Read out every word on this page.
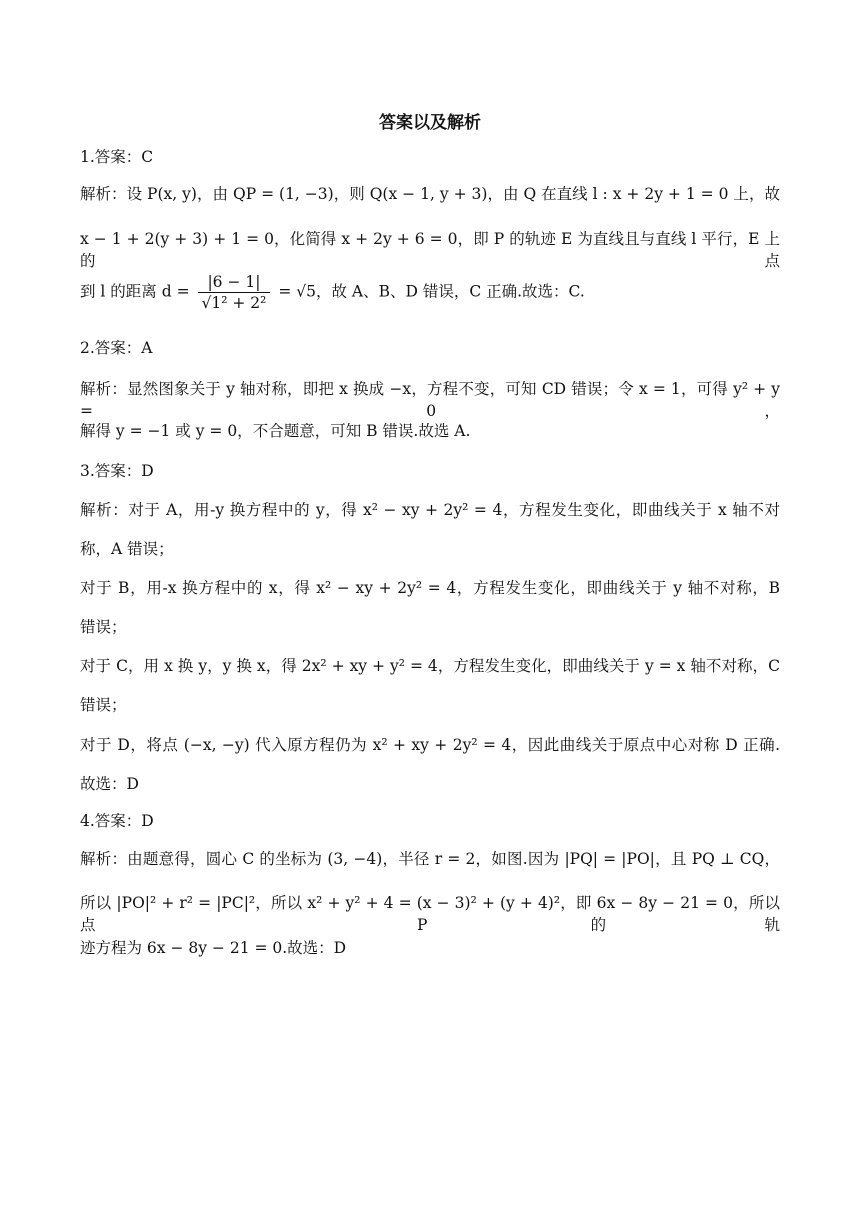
答案以及解析
1.答案：C
解析：设 P(x, y)，由 QP = (1, −3)，则 Q(x − 1, y + 3)，由 Q 在直线 l : x + 2y + 1 = 0 上，故
x − 1 + 2(y + 3) + 1 = 0，化简得 x + 2y + 6 = 0，即 P 的轨迹 E 为直线且与直线 l 平行，E 上的点
到 l 的距离 $d = \frac{|6 - 1|}{\text{√1² + 2²}} = √5$，故 A、B、D 错误，C 正确.故选：C.
2.答案：A
解析：显然图象关于 y 轴对称，即把 x 换成 −x，方程不变，可知 CD 错误；令 x = 1，可得 y² + y = 0，
解得 y = −1 或 y = 0，不合题意，可知 B 错误.故选 A.
3.答案：D
解析：对于 A，用-y 换方程中的 y，得 x² − xy + 2y² = 4，方程发生变化，即曲线关于 x 轴不对
称，A 错误；
对于 B，用-x 换方程中的 x，得 x² − xy + 2y² = 4，方程发生变化，即曲线关于 y 轴不对称，B
错误；
对于 C，用 x 换 y，y 换 x，得 2x² + xy + y² = 4，方程发生变化，即曲线关于 y = x 轴不对称，C
错误；
对于 D，将点 (−x, −y) 代入原方程仍为 x² + xy + 2y² = 4，因此曲线关于原点中心对称 D 正确.
故选：D
4.答案：D
解析：由题意得，圆心 C 的坐标为 (3, −4)，半径 r = 2，如图.因为 |PQ| = |PO|，且 PQ ⊥ CQ，
所以 |PO|² + r² = |PC|²，所以 x² + y² + 4 = (x − 3)² + (y + 4)²，即 6x − 8y − 21 = 0，所以点 P 的轨
迹方程为 6x − 8y − 21 = 0.故选：D
